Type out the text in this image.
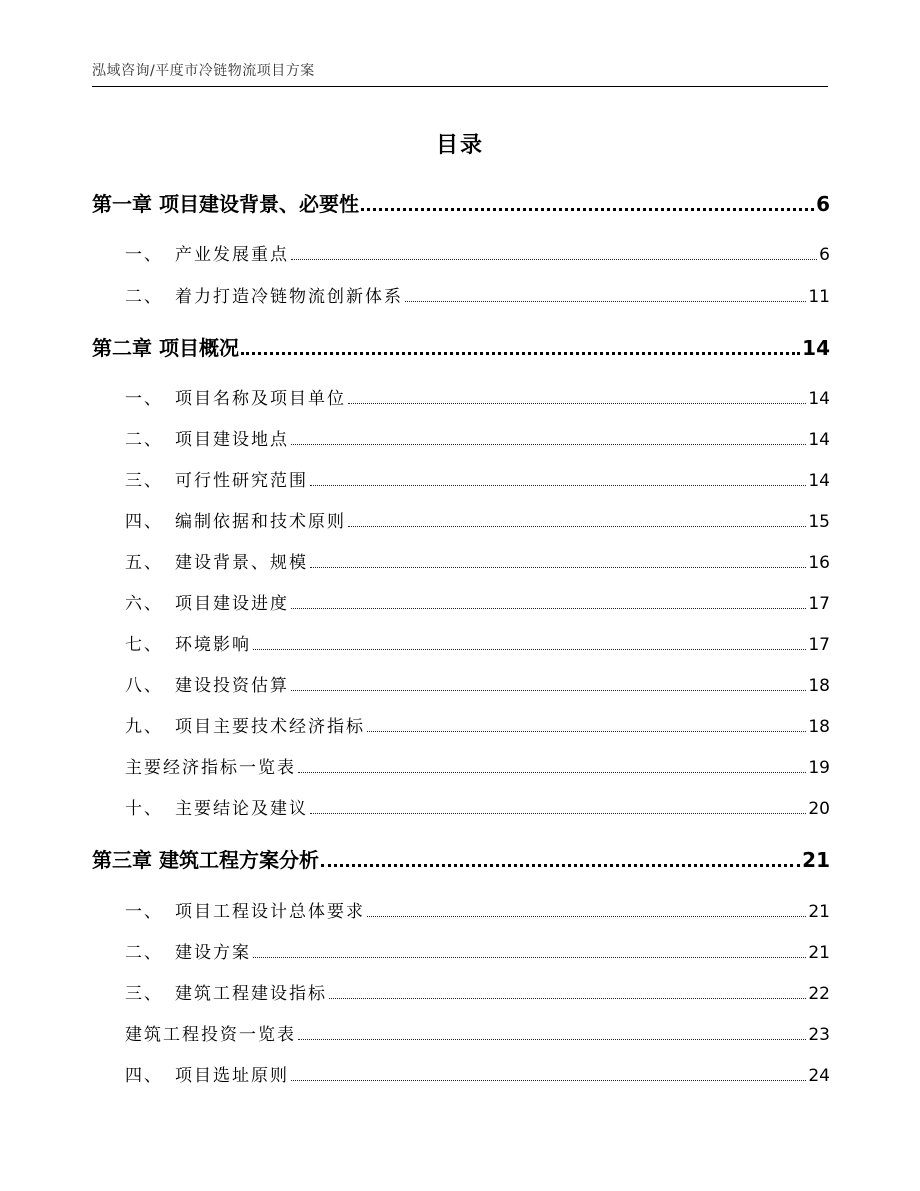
泓域咨询/平度市冷链物流项目方案
目录
第一章 项目建设背景、必要性	6
一、 产业发展重点	6
二、 着力打造冷链物流创新体系	11
第二章 项目概况	14
一、 项目名称及项目单位	14
二、 项目建设地点	14
三、 可行性研究范围	14
四、 编制依据和技术原则	15
五、 建设背景、规模	16
六、 项目建设进度	17
七、 环境影响	17
八、 建设投资估算	18
九、 项目主要技术经济指标	18
主要经济指标一览表	19
十、 主要结论及建议	20
第三章 建筑工程方案分析	21
一、 项目工程设计总体要求	21
二、 建设方案	21
三、 建筑工程建设指标	22
建筑工程投资一览表	23
四、 项目选址原则	24
